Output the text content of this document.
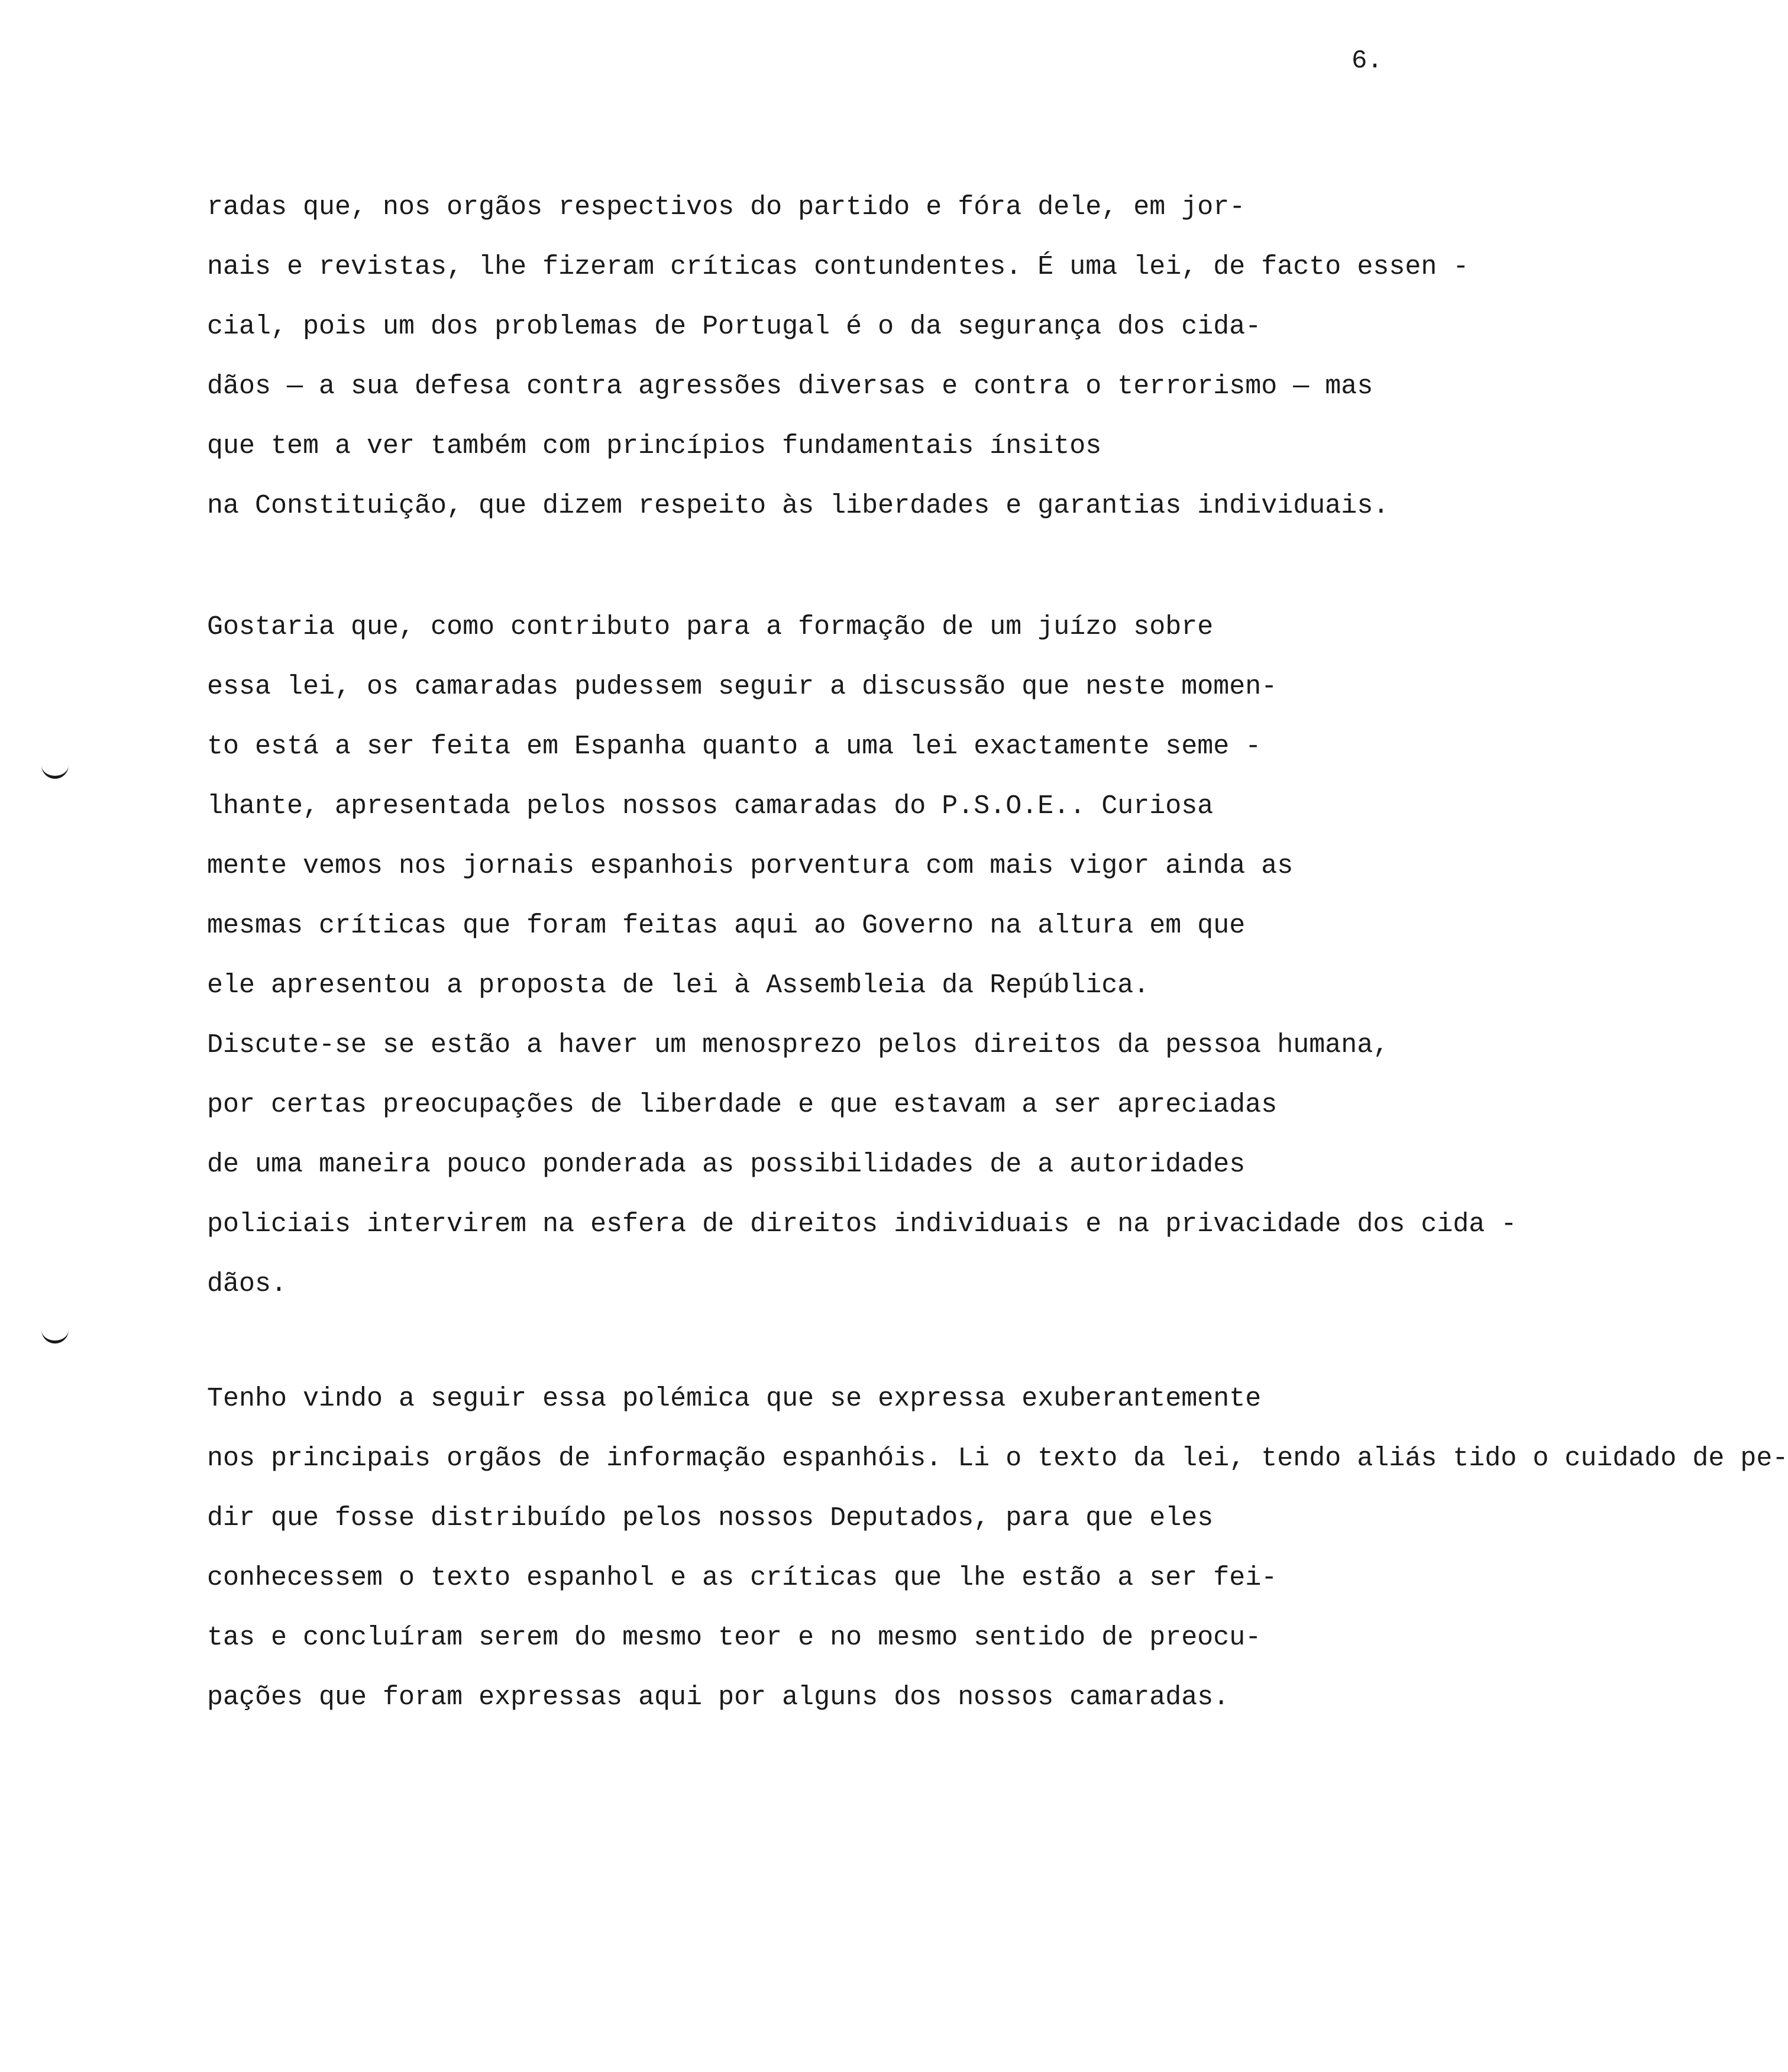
6.
radas que, nos orgãos respectivos do partido e fóra dele, em jor-
nais e revistas, lhe fizeram críticas contundentes. É uma lei, de facto essen -
cial, pois um dos problemas de Portugal é o da segurança dos cida-
dãos — a sua defesa contra agressões diversas e contra o terrorismo — mas que tem a ver também com princípios fundamentais ínsitos
na Constituição, que dizem respeito às liberdades e garantias individuais.
Gostaria que, como contributo para a formação de um juízo sobre
essa lei, os camaradas pudessem seguir a discussão que neste momen-
to está a ser feita em Espanha quanto a uma lei exactamente seme -
lhante, apresentada pelos nossos camaradas do P.S.O.E.. Curiosa
mente vemos nos jornais espanhois porventura com mais vigor ainda as
mesmas críticas que foram feitas aqui ao Governo na altura em que
ele apresentou a proposta de lei à Assembleia da República.
Discute-se se estão a haver um menosprezo pelos direitos da pessoa humana,
por certas preocupações de liberdade e que estavam a ser apreciadas
de uma maneira pouco ponderada as possibilidades de a autoridades
policiais intervirem na esfera de direitos individuais e na privacidade dos cida -
dãos.
Tenho vindo a seguir essa polémica que se expressa exuberantemente
nos principais orgãos de informação espanhóis. Li o texto da lei, tendo aliás tido o cuidado de pe-
dir que fosse distribuído pelos nossos Deputados, para que eles
conhecessem o texto espanhol e as críticas que lhe estão a ser fei-
tas e concluíram serem do mesmo teor e no mesmo sentido de preocu-
pações que foram expressas aqui por alguns dos nossos camaradas.
